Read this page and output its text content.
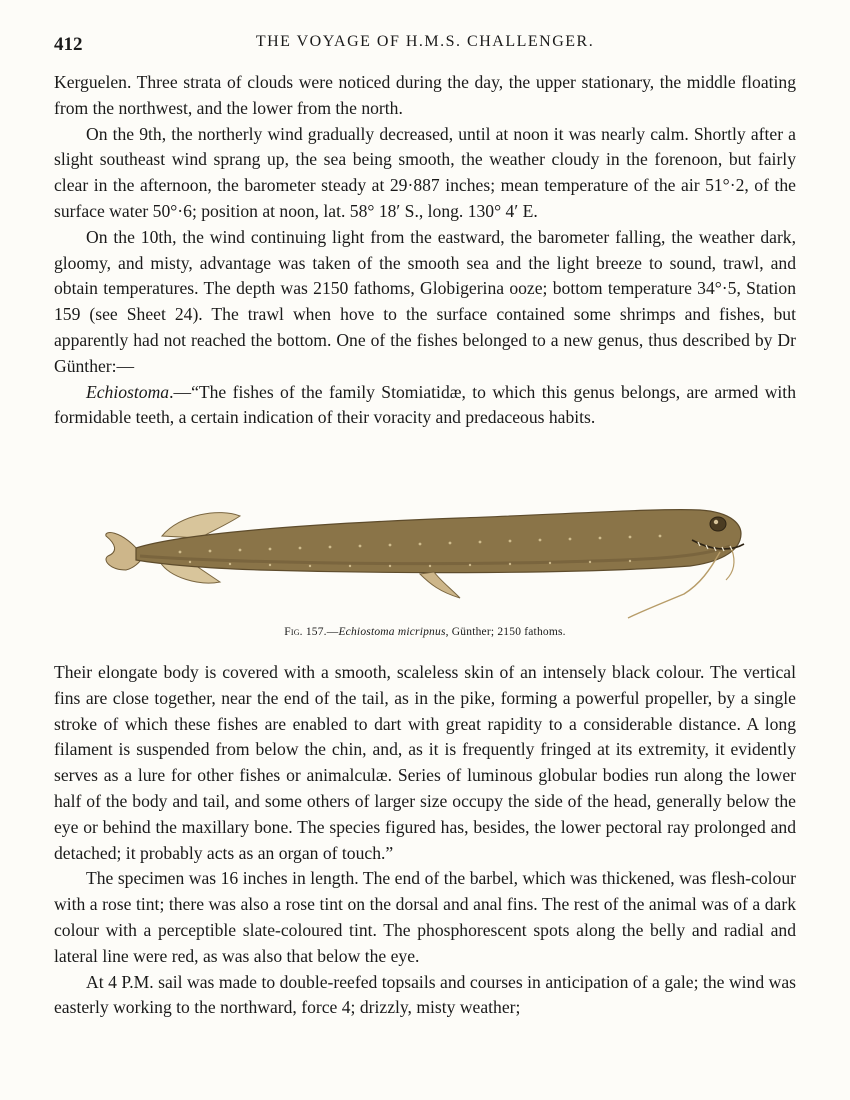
412	THE VOYAGE OF H.M.S. CHALLENGER.

Kerguelen. Three strata of clouds were noticed during the day, the upper stationary, the middle floating from the northwest, and the lower from the north.

On the 9th, the northerly wind gradually decreased, until at noon it was nearly calm. Shortly after a slight southeast wind sprang up, the sea being smooth, the weather cloudy in the forenoon, but fairly clear in the afternoon, the barometer steady at 29·887 inches; mean temperature of the air 51°·2, of the surface water 50°·6; position at noon, lat. 58° 18′ S., long. 130° 4′ E.

On the 10th, the wind continuing light from the eastward, the barometer falling, the weather dark, gloomy, and misty, advantage was taken of the smooth sea and the light breeze to sound, trawl, and obtain temperatures. The depth was 2150 fathoms, Globigerina ooze; bottom temperature 34°·5, Station 159 (see Sheet 24). The trawl when hove to the surface contained some shrimps and fishes, but apparently had not reached the bottom. One of the fishes belonged to a new genus, thus described by Dr Günther:—

Echiostoma.—“The fishes of the family Stomiatidæ, to which this genus belongs, are armed with formidable teeth, a certain indication of their voracity and predaceous habits.

Fig. 157.—Echiostoma micripnus, Günther; 2150 fathoms.

Their elongate body is covered with a smooth, scaleless skin of an intensely black colour. The vertical fins are close together, near the end of the tail, as in the pike, forming a powerful propeller, by a single stroke of which these fishes are enabled to dart with great rapidity to a considerable distance. A long filament is suspended from below the chin, and, as it is frequently fringed at its extremity, it evidently serves as a lure for other fishes or animalculæ. Series of luminous globular bodies run along the lower half of the body and tail, and some others of larger size occupy the side of the head, generally below the eye or behind the maxillary bone. The species figured has, besides, the lower pectoral ray prolonged and detached; it probably acts as an organ of touch.”

The specimen was 16 inches in length. The end of the barbel, which was thickened, was flesh-colour with a rose tint; there was also a rose tint on the dorsal and anal fins. The rest of the animal was of a dark colour with a perceptible slate-coloured tint. The phosphorescent spots along the belly and radial and lateral line were red, as was also that below the eye.

At 4 P.M. sail was made to double-reefed topsails and courses in anticipation of a gale; the wind was easterly working to the northward, force 4; drizzly, misty weather;
